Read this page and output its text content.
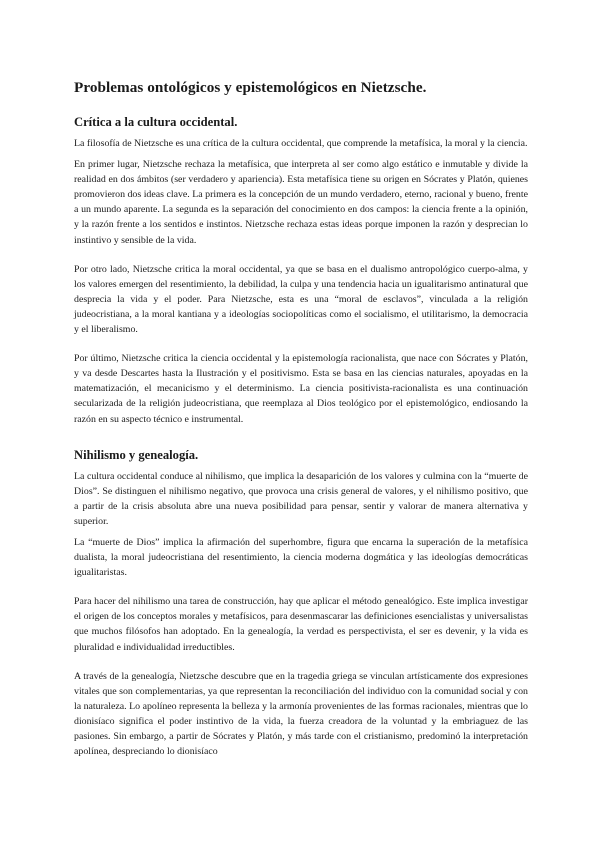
Problemas ontológicos y epistemológicos en Nietzsche.
Crítica a la cultura occidental.

La filosofía de Nietzsche es una crítica de la cultura occidental, que comprende la metafísica, la moral y la ciencia.

En primer lugar, Nietzsche rechaza la metafísica, que interpreta al ser como algo estático e inmutable y divide la realidad en dos ámbitos (ser verdadero y apariencia). Esta metafísica tiene su origen en Sócrates y Platón, quienes promovieron dos ideas clave. La primera es la concepción de un mundo verdadero, eterno, racional y bueno, frente a un mundo aparente. La segunda es la separación del conocimiento en dos campos: la ciencia frente a la opinión, y la razón frente a los sentidos e instintos. Nietzsche rechaza estas ideas porque imponen la razón y desprecian lo instintivo y sensible de la vida.

Por otro lado, Nietzsche critica la moral occidental, ya que se basa en el dualismo antropológico cuerpo-alma, y los valores emergen del resentimiento, la debilidad, la culpa y una tendencia hacia un igualitarismo antinatural que desprecia la vida y el poder. Para Nietzsche, esta es una “moral de esclavos”, vinculada a la religión judeocristiana, a la moral kantiana y a ideologías sociopolíticas como el socialismo, el utilitarismo, la democracia y el liberalismo.

Por último, Nietzsche critica la ciencia occidental y la epistemología racionalista, que nace con Sócrates y Platón, y va desde Descartes hasta la Ilustración y el positivismo. Esta se basa en las ciencias naturales, apoyadas en la matematización, el mecanicismo y el determinismo. La ciencia positivista-racionalista es una continuación secularizada de la religión judeocristiana, que reemplaza al Dios teológico por el epistemológico, endiosando la razón en su aspecto técnico e instrumental.

Nihilismo y genealogía.

La cultura occidental conduce al nihilismo, que implica la desaparición de los valores y culmina con la “muerte de Dios”. Se distinguen el nihilismo negativo, que provoca una crisis general de valores, y el nihilismo positivo, que a partir de la crisis absoluta abre una nueva posibilidad para pensar, sentir y valorar de manera alternativa y superior.

La “muerte de Dios” implica la afirmación del superhombre, figura que encarna la superación de la metafísica dualista, la moral judeocristiana del resentimiento, la ciencia moderna dogmática y las ideologías democráticas igualitaristas.

Para hacer del nihilismo una tarea de construcción, hay que aplicar el método genealógico. Este implica investigar el origen de los conceptos morales y metafísicos, para desenmascarar las definiciones esencialistas y universalistas que muchos filósofos han adoptado. En la genealogía, la verdad es perspectivista, el ser es devenir, y la vida es pluralidad e individualidad irreductibles.

A través de la genealogía, Nietzsche descubre que en la tragedia griega se vinculan artísticamente dos expresiones vitales que son complementarias, ya que representan la reconciliación del individuo con la comunidad social y con la naturaleza. Lo apolíneo representa la belleza y la armonía provenientes de las formas racionales, mientras que lo dionisíaco significa el poder instintivo de la vida, la fuerza creadora de la voluntad y la embriaguez de las pasiones. Sin embargo, a partir de Sócrates y Platón, y más tarde con el cristianismo, predominó la interpretación apolínea, despreciando lo dionisíaco
